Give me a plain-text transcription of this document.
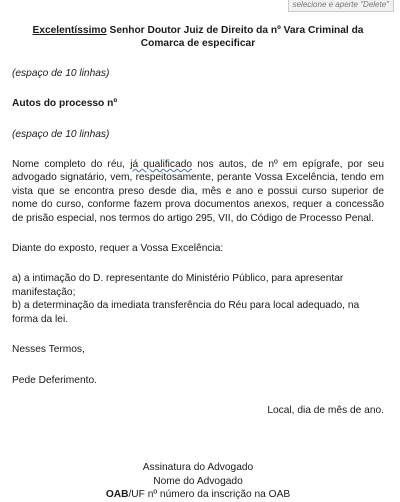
selecione e aperte "Delete"

Excelentíssimo Senhor Doutor Juiz de Direito da nº Vara Criminal da Comarca de especificar

(espaço de 10 linhas)

Autos do processo nº

(espaço de 10 linhas)

Nome completo do réu, já qualificado nos autos, de nº em epígrafe, por seu advogado signatário, vem, respeitosamente, perante Vossa Excelência, tendo em vista que se encontra preso desde dia, mês e ano e possui curso superior de nome do curso, conforme fazem prova documentos anexos, requer a concessão de prisão especial, nos termos do artigo 295, VII, do Código de Processo Penal.

Diante do exposto, requer a Vossa Excelência:

a) a intimação do D. representante do Ministério Público, para apresentar manifestação;

b) a determinação da imediata transferência do Réu para local adequado, na forma da lei.

Nesses Termos,

Pede Deferimento.

Local, dia de mês de ano.

Assinatura do Advogado

Nome do Advogado

OAB/UF nº número da inscrição na OAB
